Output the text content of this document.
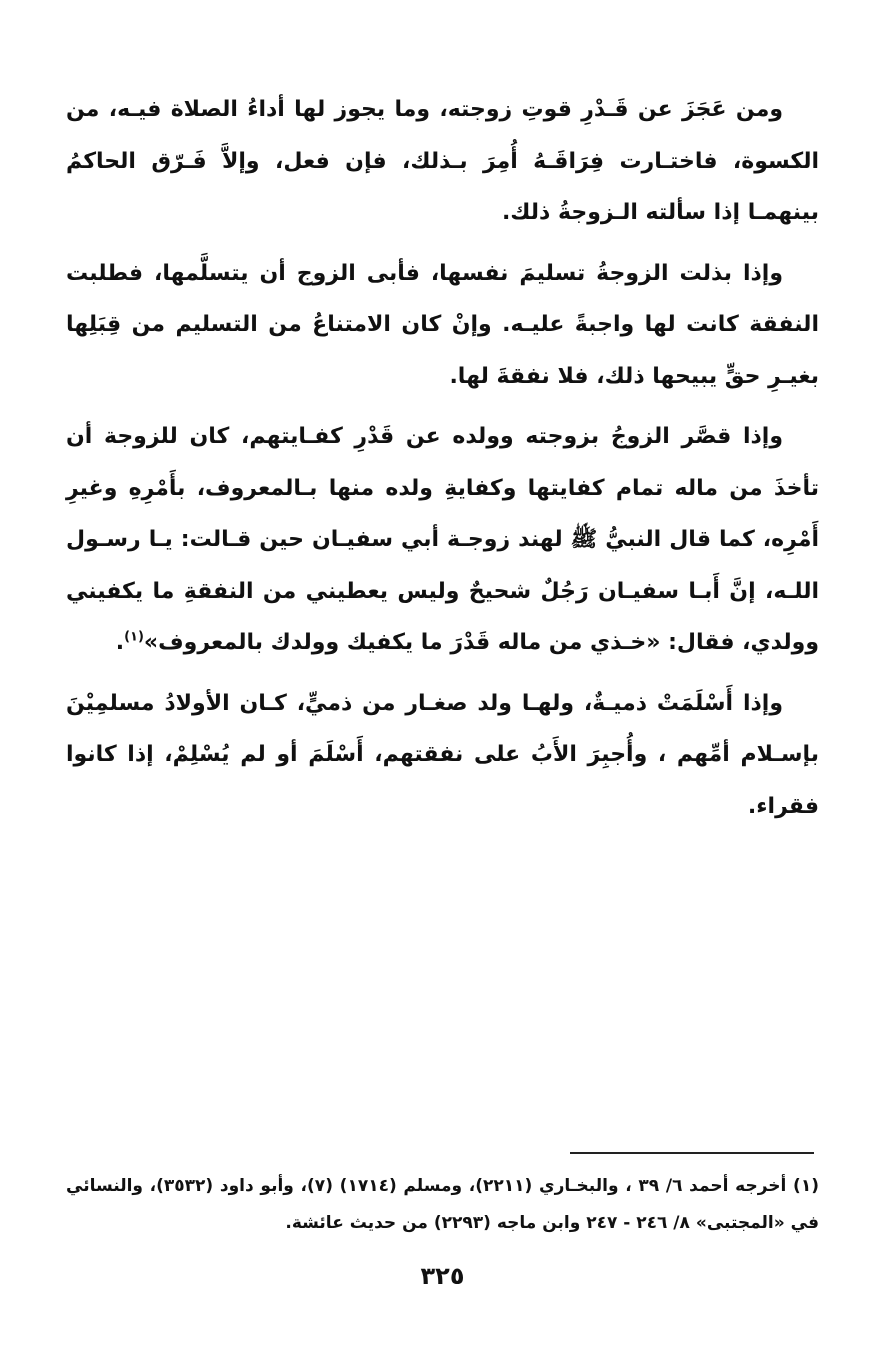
ومن عَجَزَ عن قَـدْرِ قوتِ زوجته، وما يجوز لها أداءُ الصلاة فيـه، من الكسوة، فاختـارت فِرَاقَـهُ أُمِرَ بـذلك، فإن فعل، وإلاَّ فَـرّق الحاكمُ بينهمـا إذا سألته الـزوجةُ ذلك.

وإذا بذلت الزوجةُ تسليمَ نفسها، فأبى الزوج أن يتسلَّمها، فطلبت النفقة كانت لها واجبةً عليـه. وإنْ كان الامتناعُ من التسليم من قِبَلِها بغيـرِ حقٍّ يبيحها ذلك، فلا نفقةَ لها.

وإذا قصَّر الزوجُ بزوجته وولده عن قَدْرِ كفـايتهم، كان للزوجة أن تأخذَ من ماله تمام كفايتها وكفايةِ ولده منها بـالمعروف، بأَمْرِهِ وغيرِ أَمْرِه، كما قال النبيُّ ﷺ لهند زوجـة أبي سفيـان حين قـالت: يـا رسـول اللـه، إنَّ أَبـا سفيـان رَجُلٌ شحيحٌ وليس يعطيني من النفقةِ ما يكفيني وولدي، فقال: «خـذي من ماله قَدْرَ ما يكفيك وولدك بالمعروف»$^{(١)}$.

وإذا أَسْلَمَتْ ذميـةٌ، ولهـا ولد صغـار من ذميٍّ، كـان الأولادُ مسلمِيْنَ بإسـلام أمِّهم ، وأُجبِرَ الأَبُ على نفقتهم، أَسْلَمَ أو لم يُسْلِمْ، إذا كانوا فقراء.

(١) أخرجه أحمد ٦/ ٣٩ ، والبخـاري (٢٢١١)، ومسلم (١٧١٤) (٧)، وأبو داود (٣٥٣٢)، والنسائي في «المجتبى» ٨/ ٢٤٦ - ٢٤٧ وابن ماجه (٢٢٩٣) من حديث عائشة.

٣٢٥
